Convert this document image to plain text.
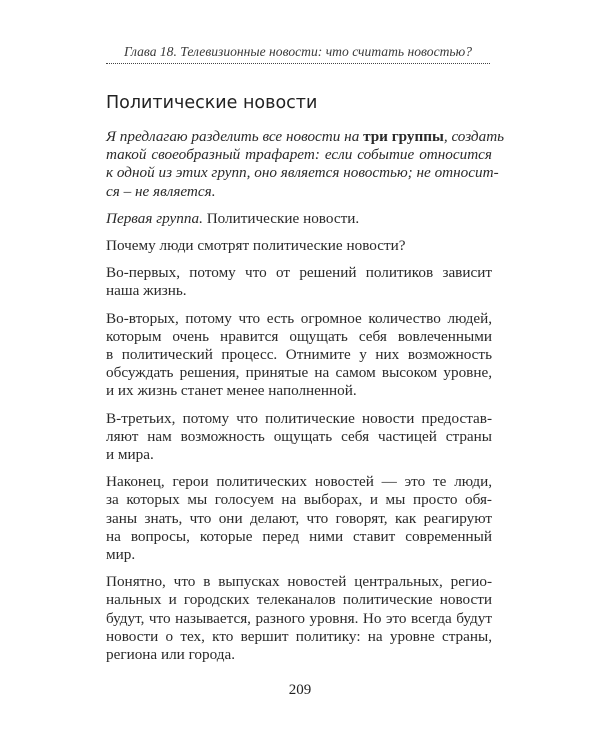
Глава 18. Телевизионные новости: что считать новостью?
Политические новости

Я предлагаю разделить все новости на три группы, создать
такой своеобразный трафарет: если событие относится
к одной из этих групп, оно является новостью; не относит-
ся – не является.

Первая группа. Политические новости.

Почему люди смотрят политические новости?

Во-первых, потому что от решений политиков зависит
наша жизнь.

Во-вторых, потому что есть огромное количество людей,
которым очень нравится ощущать себя вовлеченными
в политический процесс. Отнимите у них возможность
обсуждать решения, принятые на самом высоком уровне,
и их жизнь станет менее наполненной.

В-третьих, потому что политические новости предостав-
ляют нам возможность ощущать себя частицей страны
и мира.

Наконец, герои политических новостей — это те люди,
за которых мы голосуем на выборах, и мы просто обя-
заны знать, что они делают, что говорят, как реагируют
на вопросы, которые перед ними ставит современный
мир.

Понятно, что в выпусках новостей центральных, регио-
нальных и городских телеканалов политические новости
будут, что называется, разного уровня. Но это всегда будут
новости о тех, кто вершит политику: на уровне страны,
региона или города.

209
